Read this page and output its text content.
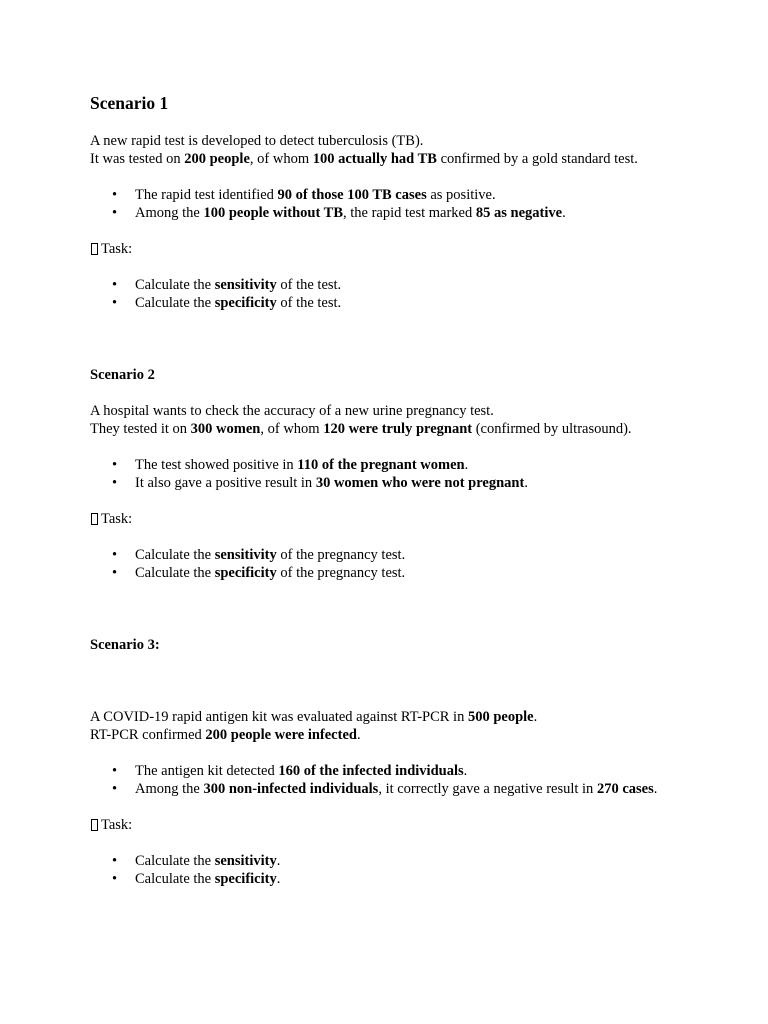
Scenario 1

A new rapid test is developed to detect tuberculosis (TB).

It was tested on 200 people, of whom 100 actually had TB confirmed by a gold standard test.

• The rapid test identified 90 of those 100 TB cases as positive.
• Among the 100 people without TB, the rapid test marked 85 as negative.

Task:

• Calculate the sensitivity of the test.
• Calculate the specificity of the test.
Scenario 2

A hospital wants to check the accuracy of a new urine pregnancy test.

They tested it on 300 women, of whom 120 were truly pregnant (confirmed by ultrasound).

• The test showed positive in 110 of the pregnant women.
• It also gave a positive result in 30 women who were not pregnant.

Task:

• Calculate the sensitivity of the pregnancy test.
• Calculate the specificity of the pregnancy test.
Scenario 3:

A COVID-19 rapid antigen kit was evaluated against RT-PCR in 500 people.

RT-PCR confirmed 200 people were infected.

• The antigen kit detected 160 of the infected individuals.
• Among the 300 non-infected individuals, it correctly gave a negative result in 270 cases.

Task:

• Calculate the sensitivity.
• Calculate the specificity.
